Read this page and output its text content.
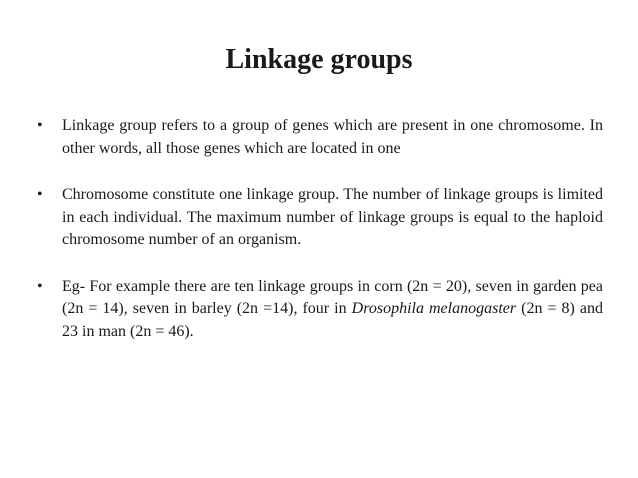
Linkage groups
• Linkage group refers to a group of genes which are present in one chromosome. In other words, all those genes which are located in one
• Chromosome constitute one linkage group. The number of linkage groups is limited in each individual. The maximum number of linkage groups is equal to the haploid chromosome number of an organism.
• Eg- For example there are ten linkage groups in corn (2n = 20), seven in garden pea (2n = 14), seven in barley (2n =14), four in Drosophila melanogaster (2n = 8) and 23 in man (2n = 46).
